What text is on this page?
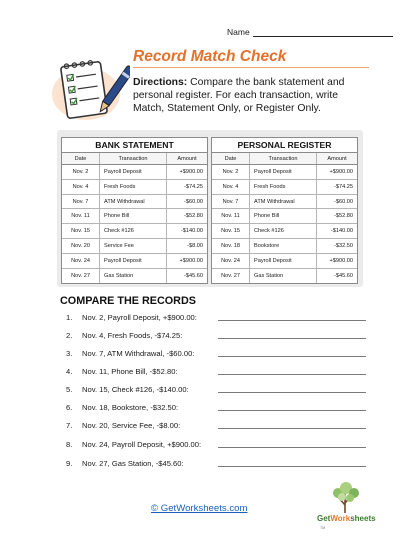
Name
Record Match Check
Directions: Compare the bank statement and personal register. For each transaction, write Match, Statement Only, or Register Only.
BANK STATEMENT
Date	Transaction	Amount
Nov. 2	Payroll Deposit	+$900.00
Nov. 4	Fresh Foods	-$74.25
Nov. 7	ATM Withdrawal	-$60.00
Nov. 11	Phone Bill	-$52.80
Nov. 15	Check #126	-$140.00
Nov. 20	Service Fee	-$8.00
Nov. 24	Payroll Deposit	+$900.00
Nov. 27	Gas Station	-$45.60
PERSONAL REGISTER
Date	Transaction	Amount
Nov. 2	Payroll Deposit	+$900.00
Nov. 4	Fresh Foods	-$74.25
Nov. 7	ATM Withdrawal	-$60.00
Nov. 11	Phone Bill	-$52.80
Nov. 15	Check #126	-$140.00
Nov. 18	Bookstore	-$32.50
Nov. 24	Payroll Deposit	+$900.00
Nov. 27	Gas Station	-$45.60
COMPARE THE RECORDS
1.	Nov. 2, Payroll Deposit, +$900.00:
2.	Nov. 4, Fresh Foods, -$74.25:
3.	Nov. 7, ATM Withdrawal, -$60.00:
4.	Nov. 11, Phone Bill, -$52.80:
5.	Nov. 15, Check #126, -$140.00:
6.	Nov. 18, Bookstore, -$32.50:
7.	Nov. 20, Service Fee, -$8.00:
8.	Nov. 24, Payroll Deposit, +$900.00:
9.	Nov. 27, Gas Station, -$45.60:
© GetWorksheets.com
GetWorksheets
TM
